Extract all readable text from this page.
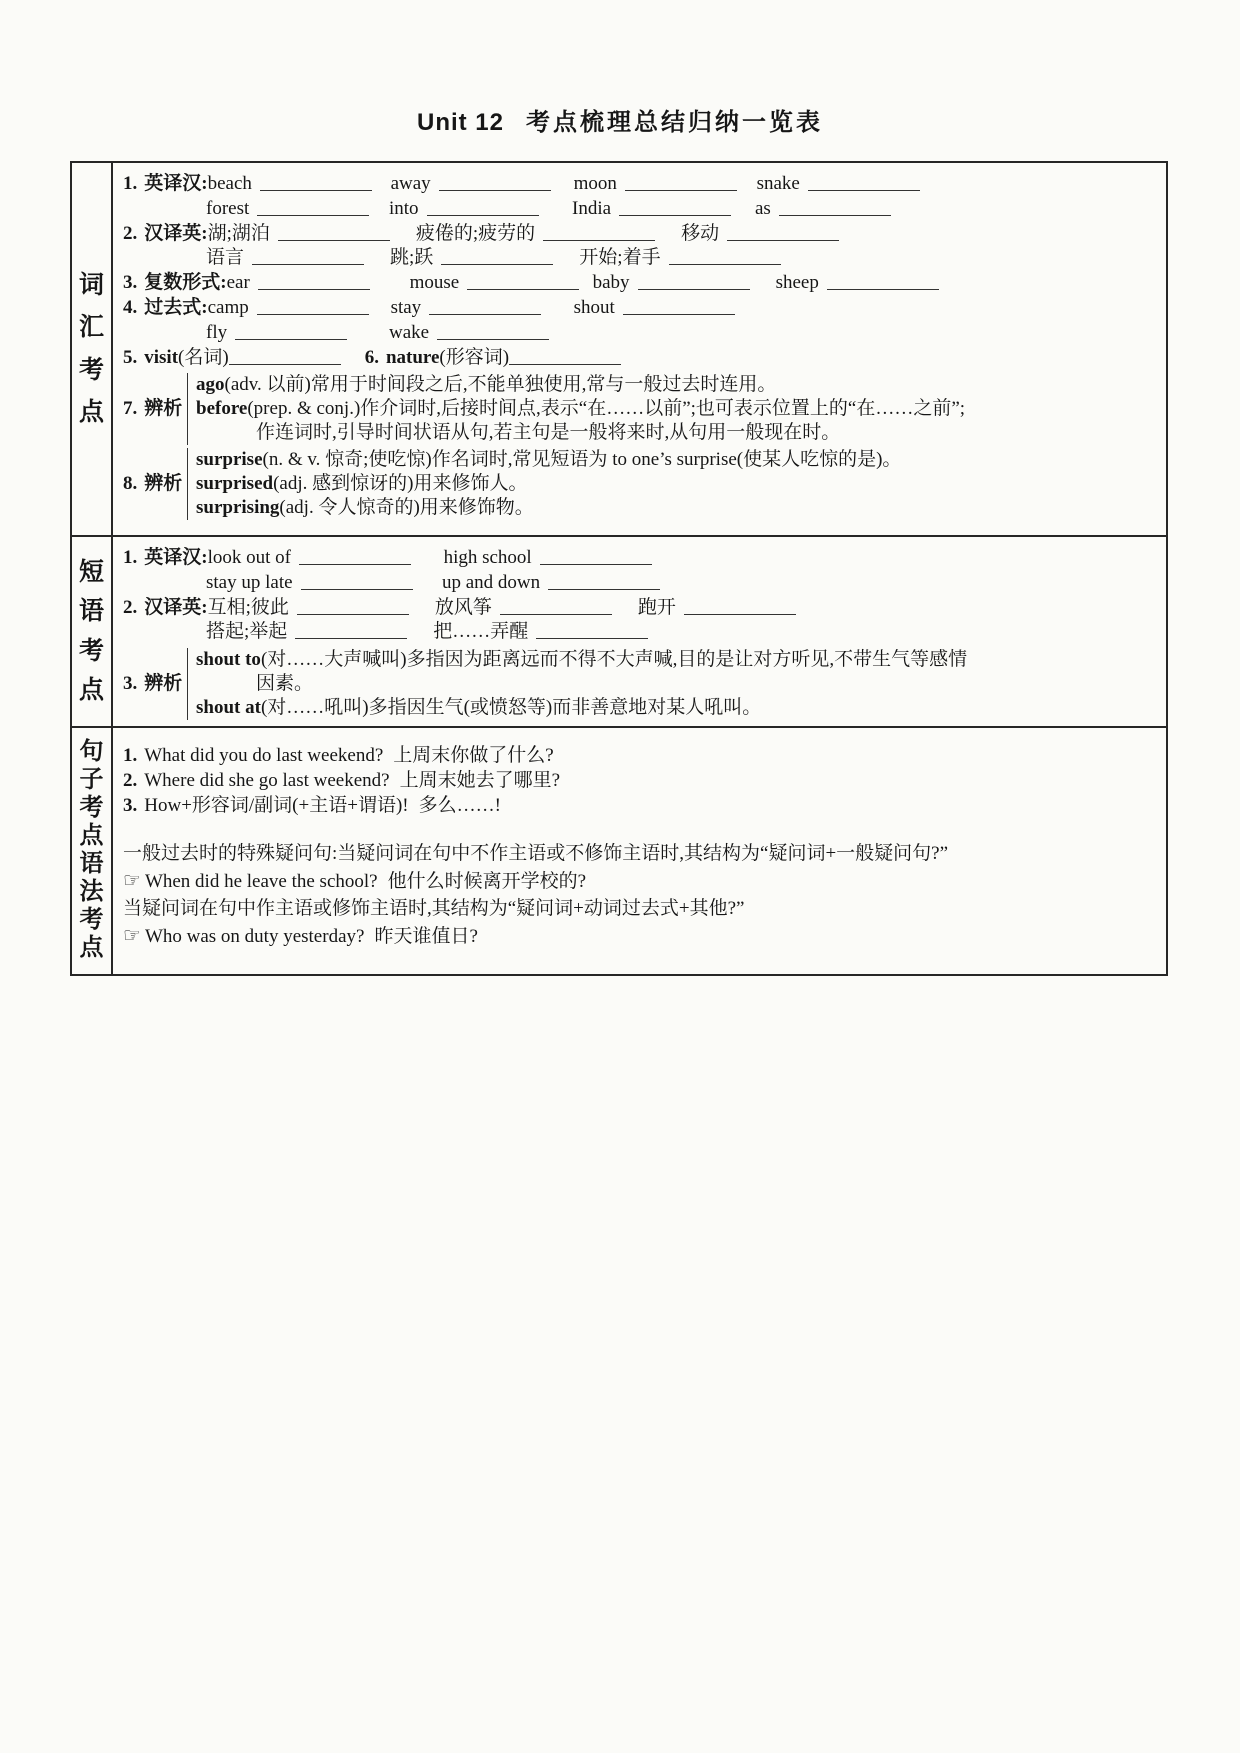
Unit 12 考点梳理总结归纳一览表
词
汇
考
点
1. 英译汉:beach	away	moon	snake
forest	into	India	as
2. 汉译英:湖;湖泊	疲倦的;疲劳的	移动
语言	跳;跃	开始;着手
3. 复数形式:ear	mouse	baby	sheep
4. 过去式:camp	stay	shout
fly	wake
5. visit(名词)	6. nature(形容词)
7. 辨析
ago(adv. 以前)常用于时间段之后,不能单独使用,常与一般过去时连用。
before(prep. & conj.)作介词时,后接时间点,表示“在……以前”;也可表示位置上的“在……之前”;
作连词时,引导时间状语从句,若主句是一般将来时,从句用一般现在时。
8. 辨析
surprise(n. & v. 惊奇;使吃惊)作名词时,常见短语为 to one’s surprise(使某人吃惊的是)。
surprised(adj. 感到惊讶的)用来修饰人。
surprising(adj. 令人惊奇的)用来修饰物。
短
语
考
点
1. 英译汉:look out of	high school
stay up late	up and down
2. 汉译英:互相;彼此	放风筝	跑开
搭起;举起	把……弄醒
3. 辨析
shout to(对……大声喊叫)多指因为距离远而不得不大声喊,目的是让对方听见,不带生气等感情
因素。
shout at(对……吼叫)多指因生气(或愤怒等)而非善意地对某人吼叫。
句
子
考
点
语
法
考
点
1. What did you do last weekend? 上周末你做了什么?
2. Where did she go last weekend? 上周末她去了哪里?
3. How+形容词/副词(+主语+谓语)! 多么……!
一般过去时的特殊疑问句:当疑问词在句中不作主语或不修饰主语时,其结构为“疑问词+一般疑问句?”
☞ When did he leave the school? 他什么时候离开学校的?
当疑问词在句中作主语或修饰主语时,其结构为“疑问词+动词过去式+其他?”
☞ Who was on duty yesterday? 昨天谁值日?
